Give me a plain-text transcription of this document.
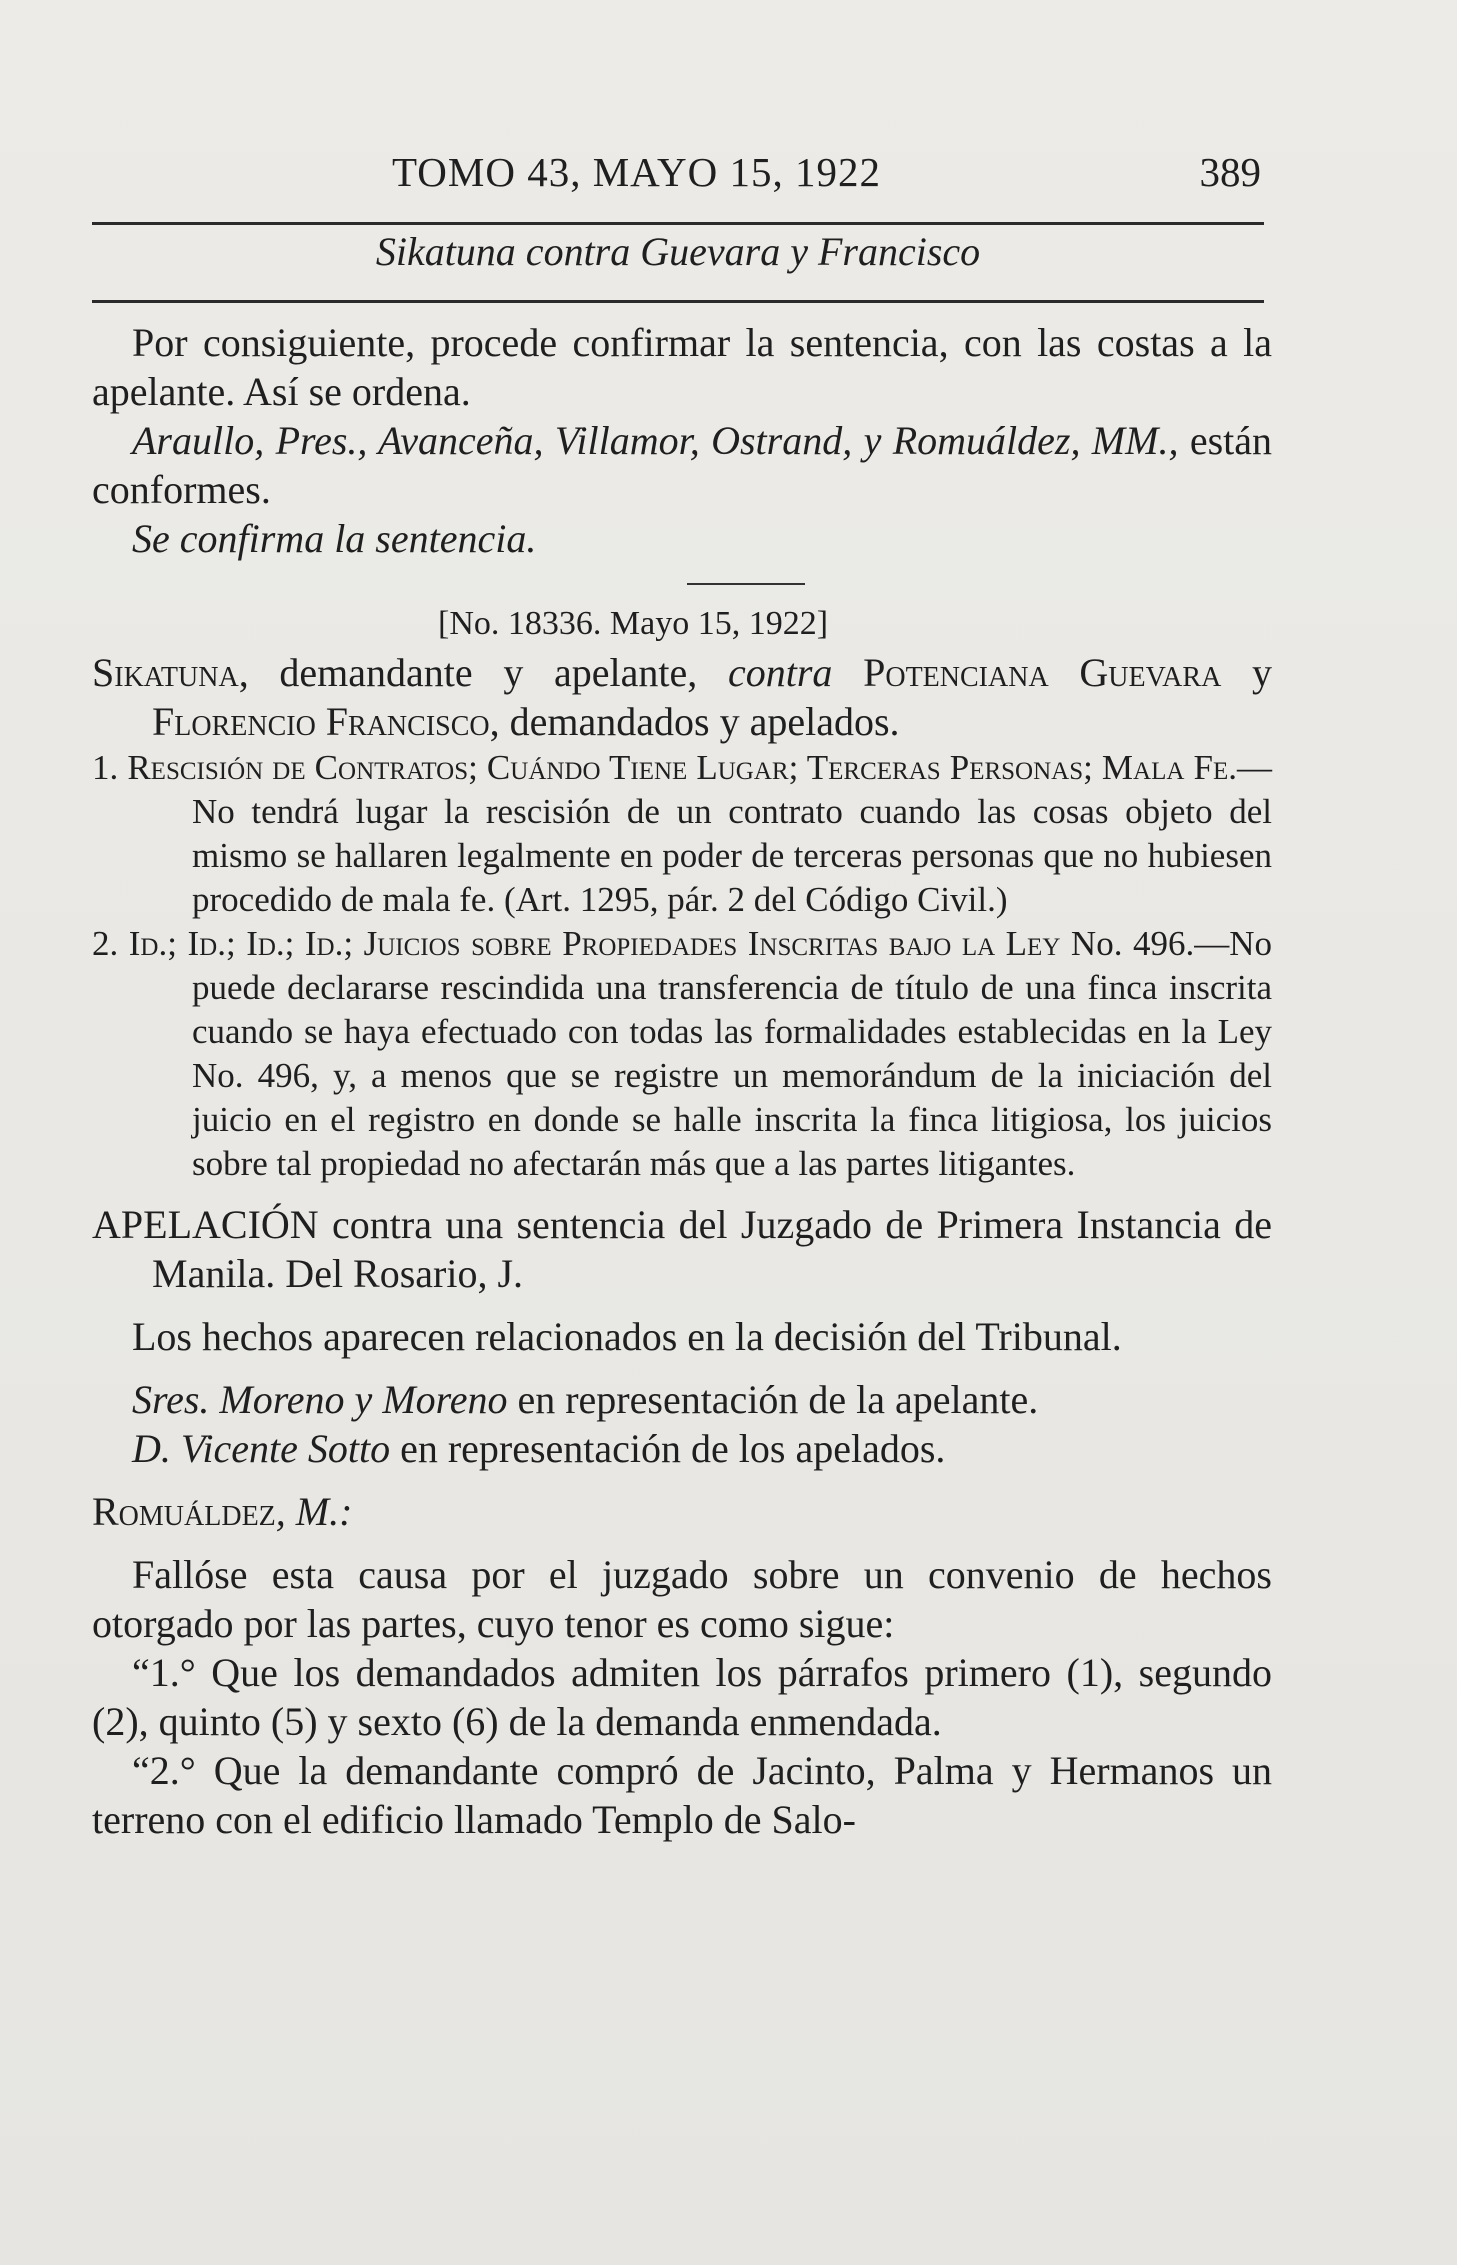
TOMO 43, MAYO 15, 1922	389
Sikatuna contra Guevara y Francisco

Por consiguiente, procede confirmar la sentencia, con las costas a la apelante. Así se ordena.

Araullo, Pres., Avanceña, Villamor, Ostrand, y Romuáldez, MM., están conformes.

Se confirma la sentencia.

[No. 18336. Mayo 15, 1922]

Sikatuna, demandante y apelante, contra Potenciana Guevara y Florencio Francisco, demandados y apelados.

1. Rescisión de Contratos; Cuándo Tiene Lugar; Terceras Personas; Mala Fe.—No tendrá lugar la rescisión de un contrato cuando las cosas objeto del mismo se hallaren legalmente en poder de terceras personas que no hubiesen procedido de mala fe. (Art. 1295, pár. 2 del Código Civil.)

2. Id.; Id.; Id.; Id.; Juicios sobre Propiedades Inscritas bajo la Ley No. 496.—No puede declararse rescindida una transferencia de título de una finca inscrita cuando se haya efectuado con todas las formalidades establecidas en la Ley No. 496, y, a menos que se registre un memorándum de la iniciación del juicio en el registro en donde se halle inscrita la finca litigiosa, los juicios sobre tal propiedad no afectarán más que a las partes litigantes.

APELACIÓN contra una sentencia del Juzgado de Primera Instancia de Manila. Del Rosario, J.

Los hechos aparecen relacionados en la decisión del Tribunal.

Sres. Moreno y Moreno en representación de la apelante.

D. Vicente Sotto en representación de los apelados.

Romuáldez, M.:

Fallóse esta causa por el juzgado sobre un convenio de hechos otorgado por las partes, cuyo tenor es como sigue:

“1.° Que los demandados admiten los párrafos primero (1), segundo (2), quinto (5) y sexto (6) de la demanda enmendada.

“2.° Que la demandante compró de Jacinto, Palma y Hermanos un terreno con el edificio llamado Templo de Salo-
